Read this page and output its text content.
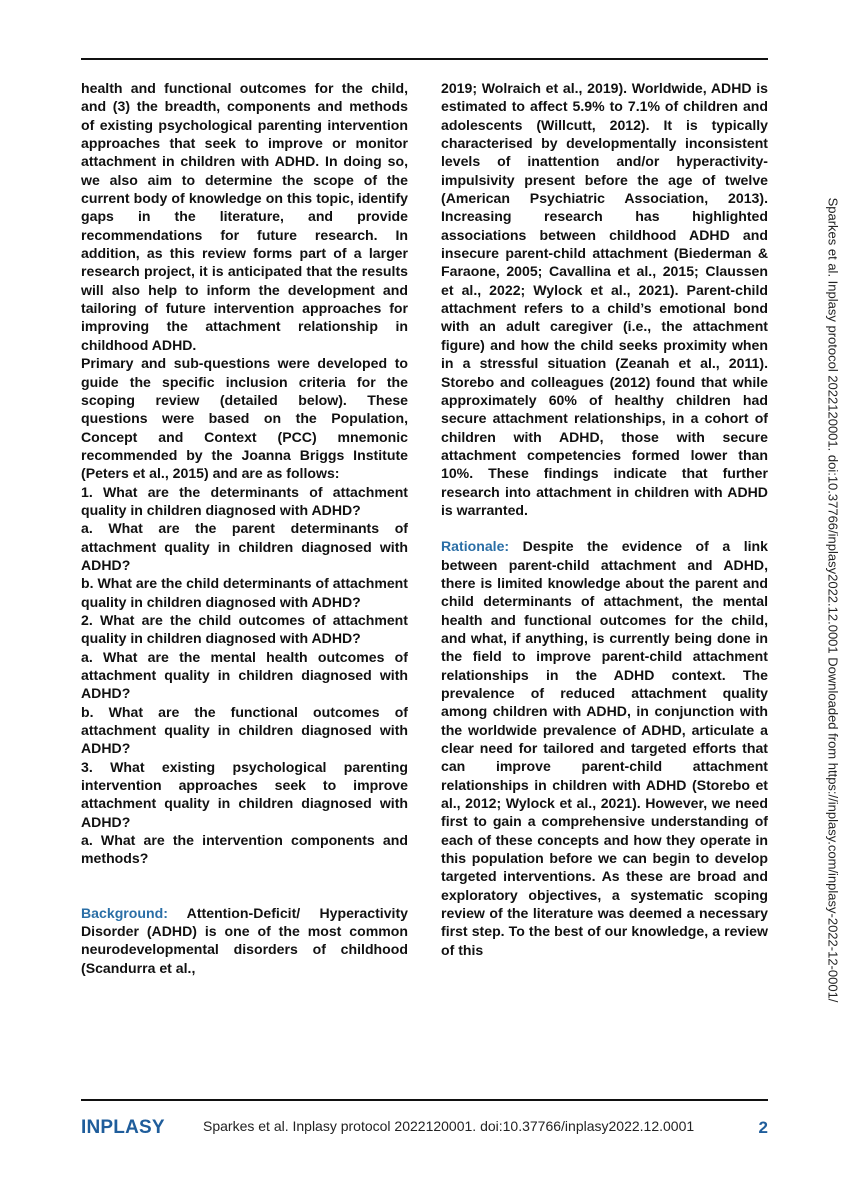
health and functional outcomes for the child, and (3) the breadth, components and methods of existing psychological parenting intervention approaches that seek to improve or monitor attachment in children with ADHD. In doing so, we also aim to determine the scope of the current body of knowledge on this topic, identify gaps in the literature, and provide recommendations for future research. In addition, as this review forms part of a larger research project, it is anticipated that the results will also help to inform the development and tailoring of future intervention approaches for improving the attachment relationship in childhood ADHD.

Primary and sub-questions were developed to guide the specific inclusion criteria for the scoping review (detailed below). These questions were based on the Population, Concept and Context (PCC) mnemonic recommended by the Joanna Briggs Institute (Peters et al., 2015) and are as follows:

1. What are the determinants of attachment quality in children diagnosed with ADHD?

a. What are the parent determinants of attachment quality in children diagnosed with ADHD?

b. What are the child determinants of attachment quality in children diagnosed with ADHD?

2. What are the child outcomes of attachment quality in children diagnosed with ADHD?

a. What are the mental health outcomes of attachment quality in children diagnosed with ADHD?

b. What are the functional outcomes of attachment quality in children diagnosed with ADHD?

3. What existing psychological parenting intervention approaches seek to improve attachment quality in children diagnosed with ADHD?

a. What are the intervention components and methods?

Background: Attention-Deficit/ Hyperactivity Disorder (ADHD) is one of the most common neurodevelopmental disorders of childhood (Scandurra et al.,

2019; Wolraich et al., 2019). Worldwide, ADHD is estimated to affect 5.9% to 7.1% of children and adolescents (Willcutt, 2012). It is typically characterised by developmentally inconsistent levels of inattention and/or hyperactivity-impulsivity present before the age of twelve (American Psychiatric Association, 2013). Increasing research has highlighted associations between childhood ADHD and insecure parent-child attachment (Biederman & Faraone, 2005; Cavallina et al., 2015; Claussen et al., 2022; Wylock et al., 2021). Parent-child attachment refers to a child’s emotional bond with an adult caregiver (i.e., the attachment figure) and how the child seeks proximity when in a stressful situation (Zeanah et al., 2011). Storebo and colleagues (2012) found that while approximately 60% of healthy children had secure attachment relationships, in a cohort of children with ADHD, those with secure attachment competencies formed lower than 10%. These findings indicate that further research into attachment in children with ADHD is warranted.

Rationale: Despite the evidence of a link between parent-child attachment and ADHD, there is limited knowledge about the parent and child determinants of attachment, the mental health and functional outcomes for the child, and what, if anything, is currently being done in the field to improve parent-child attachment relationships in the ADHD context. The prevalence of reduced attachment quality among children with ADHD, in conjunction with the worldwide prevalence of ADHD, articulate a clear need for tailored and targeted efforts that can improve parent-child attachment relationships in children with ADHD (Storebo et al., 2012; Wylock et al., 2021). However, we need first to gain a comprehensive understanding of each of these concepts and how they operate in this population before we can begin to develop targeted interventions. As these are broad and exploratory objectives, a systematic scoping review of the literature was deemed a necessary first step. To the best of our knowledge, a review of this	Sparkes et al. Inplasy protocol 2022120001. doi:10.37766/inplasy2022.12.0001 Downloaded from https://inplasy.com/inplasy-2022-12-0001/
INPLASY	Sparkes et al. Inplasy protocol 2022120001. doi:10.37766/inplasy2022.12.0001	2
